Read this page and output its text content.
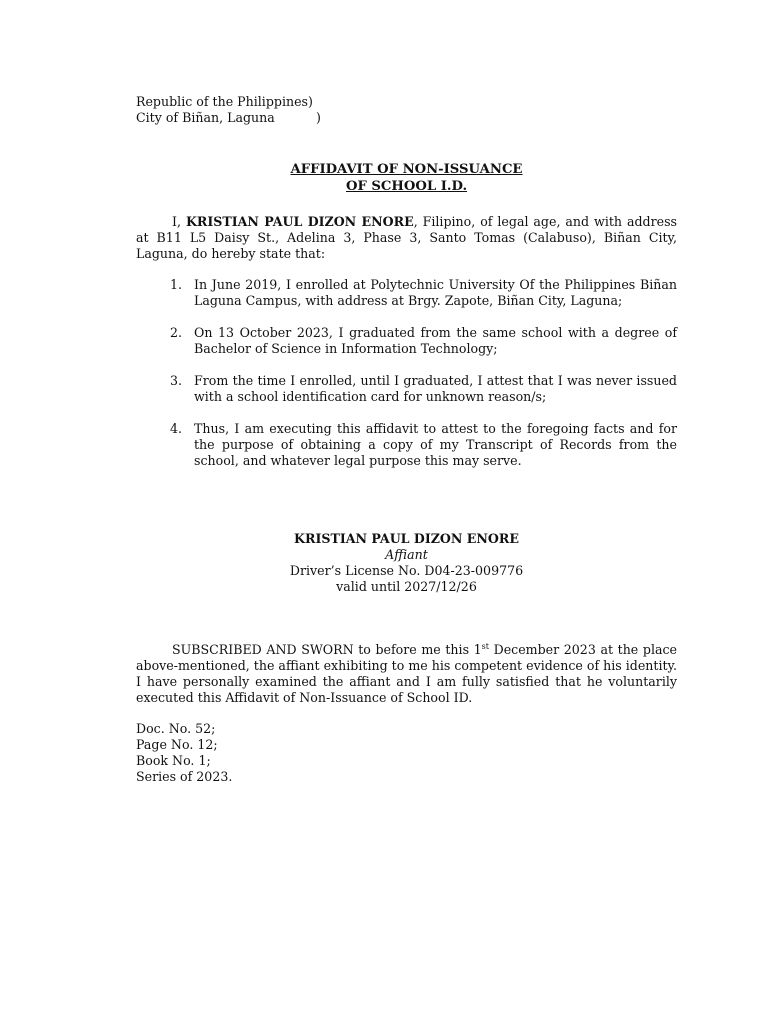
Republic of the Philippines)
City of Biñan, Laguna	)
AFFIDAVIT OF NON-ISSUANCE
OF SCHOOL I.D.

I, KRISTIAN PAUL DIZON ENORE, Filipino, of legal age, and with address at B11 L5 Daisy St., Adelina 3, Phase 3, Santo Tomas (Calabuso), Biñan City, Laguna, do hereby state that:

1. In June 2019, I enrolled at Polytechnic University Of the Philippines Biñan Laguna Campus, with address at Brgy. Zapote, Biñan City, Laguna;
2. On 13 October 2023, I graduated from the same school with a degree of Bachelor of Science in Information Technology;
3. From the time I enrolled, until I graduated, I attest that I was never issued with a school identification card for unknown reason/s;
4. Thus, I am executing this affidavit to attest to the foregoing facts and for the purpose of obtaining a copy of my Transcript of Records from the school, and whatever legal purpose this may serve.
KRISTIAN PAUL DIZON ENORE
Affiant
Driver’s License No. D04-23-009776
valid until 2027/12/26

SUBSCRIBED AND SWORN to before me this 1st December 2023 at the place above-mentioned, the affiant exhibiting to me his competent evidence of his identity. I have personally examined the affiant and I am fully satisfied that he voluntarily executed this Affidavit of Non-Issuance of School ID.

Doc. No. 52;
Page No. 12;
Book No. 1;
Series of 2023.
